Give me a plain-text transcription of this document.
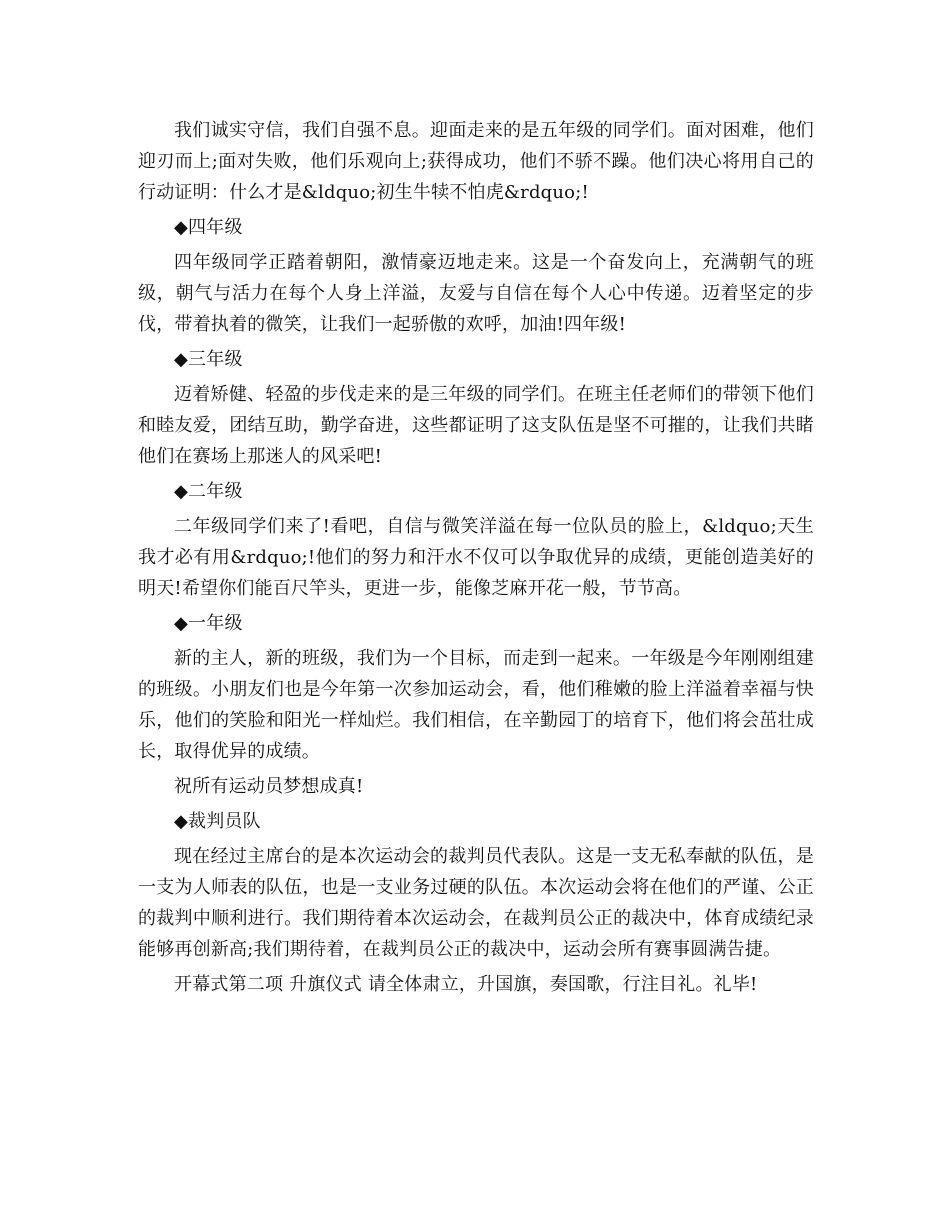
我们诚实守信，我们自强不息。迎面走来的是五年级的同学们。面对困难，他们迎刃而上;面对失败，他们乐观向上;获得成功，他们不骄不躁。他们决心将用自己的行动证明：什么才是&ldquo;初生牛犊不怕虎&rdquo;!

◆四年级

四年级同学正踏着朝阳，激情豪迈地走来。这是一个奋发向上，充满朝气的班级，朝气与活力在每个人身上洋溢，友爱与自信在每个人心中传递。迈着坚定的步伐，带着执着的微笑，让我们一起骄傲的欢呼，加油!四年级!

◆三年级

迈着矫健、轻盈的步伐走来的是三年级的同学们。在班主任老师们的带领下他们和睦友爱，团结互助，勤学奋进，这些都证明了这支队伍是坚不可摧的，让我们共睹他们在赛场上那迷人的风采吧!

◆二年级

二年级同学们来了!看吧，自信与微笑洋溢在每一位队员的脸上，&ldquo;天生我才必有用&rdquo;!他们的努力和汗水不仅可以争取优异的成绩，更能创造美好的明天!希望你们能百尺竿头，更进一步，能像芝麻开花一般，节节高。

◆一年级

新的主人，新的班级，我们为一个目标，而走到一起来。一年级是今年刚刚组建的班级。小朋友们也是今年第一次参加运动会，看，他们稚嫩的脸上洋溢着幸福与快乐，他们的笑脸和阳光一样灿烂。我们相信，在辛勤园丁的培育下，他们将会茁壮成长，取得优异的成绩。

祝所有运动员梦想成真!

◆裁判员队

现在经过主席台的是本次运动会的裁判员代表队。这是一支无私奉献的队伍，是一支为人师表的队伍，也是一支业务过硬的队伍。本次运动会将在他们的严谨、公正的裁判中顺利进行。我们期待着本次运动会，在裁判员公正的裁决中，体育成绩纪录能够再创新高;我们期待着，在裁判员公正的裁决中，运动会所有赛事圆满告捷。

开幕式第二项 升旗仪式 请全体肃立，升国旗，奏国歌，行注目礼。礼毕!
